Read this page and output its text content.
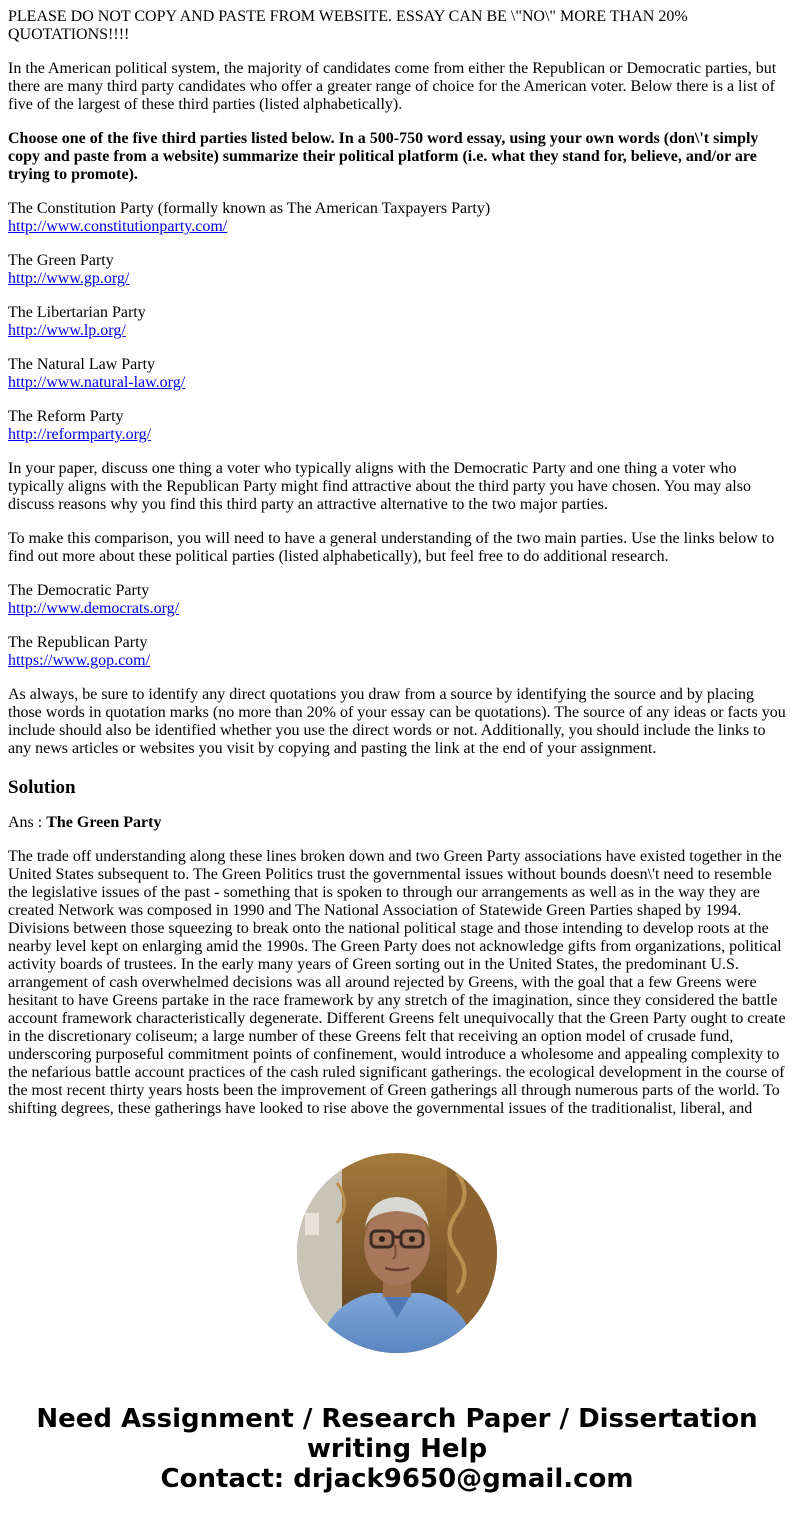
PLEASE DO NOT COPY AND PASTE FROM WEBSITE. ESSAY CAN BE \"NO\" MORE THAN 20% QUOTATIONS!!!!

In the American political system, the majority of candidates come from either the Republican or Democratic parties, but there are many third party candidates who offer a greater range of choice for the American voter. Below there is a list of five of the largest of these third parties (listed alphabetically).

Choose one of the five third parties listed below. In a 500-750 word essay, using your own words (don\'t simply copy and paste from a website) summarize their political platform (i.e. what they stand for, believe, and/or are trying to promote).

The Constitution Party (formally known as The American Taxpayers Party)
http://www.constitutionparty.com/

The Green Party
http://www.gp.org/

The Libertarian Party
http://www.lp.org/

The Natural Law Party
http://www.natural-law.org/

The Reform Party
http://reformparty.org/

In your paper, discuss one thing a voter who typically aligns with the Democratic Party and one thing a voter who typically aligns with the Republican Party might find attractive about the third party you have chosen. You may also discuss reasons why you find this third party an attractive alternative to the two major parties.

To make this comparison, you will need to have a general understanding of the two main parties. Use the links below to find out more about these political parties (listed alphabetically), but feel free to do additional research.

The Democratic Party
http://www.democrats.org/

The Republican Party
https://www.gop.com/

As always, be sure to identify any direct quotations you draw from a source by identifying the source and by placing those words in quotation marks (no more than 20% of your essay can be quotations). The source of any ideas or facts you include should also be identified whether you use the direct words or not. Additionally, you should include the links to any news articles or websites you visit by copying and pasting the link at the end of your assignment.

Solution

Ans : The Green Party

The trade off understanding along these lines broken down and two Green Party associations have existed together in the United States subsequent to. The Green Politics trust the governmental issues without bounds doesn\'t need to resemble the legislative issues of the past - something that is spoken to through our arrangements as well as in the way they are created Network was composed in 1990 and The National Association of Statewide Green Parties shaped by 1994. Divisions between those squeezing to break onto the national political stage and those intending to develop roots at the nearby level kept on enlarging amid the 1990s. The Green Party does not acknowledge gifts from organizations, political activity boards of trustees. In the early many years of Green sorting out in the United States, the predominant U.S. arrangement of cash overwhelmed decisions was all around rejected by Greens, with the goal that a few Greens were hesitant to have Greens partake in the race framework by any stretch of the imagination, since they considered the battle account framework characteristically degenerate. Different Greens felt unequivocally that the Green Party ought to create in the discretionary coliseum; a large number of these Greens felt that receiving an option model of crusade fund, underscoring purposeful commitment points of confinement, would introduce a wholesome and appealing complexity to the nefarious battle account practices of the cash ruled significant gatherings. the ecological development in the course of the most recent thirty years hosts been the improvement of Green gatherings all through numerous parts of the world. To shifting degrees, these gatherings have looked to rise above the governmental issues of the traditionalist, liberal, and

Need Assignment / Research Paper / Dissertation
writing Help
Contact: drjack9650@gmail.com
